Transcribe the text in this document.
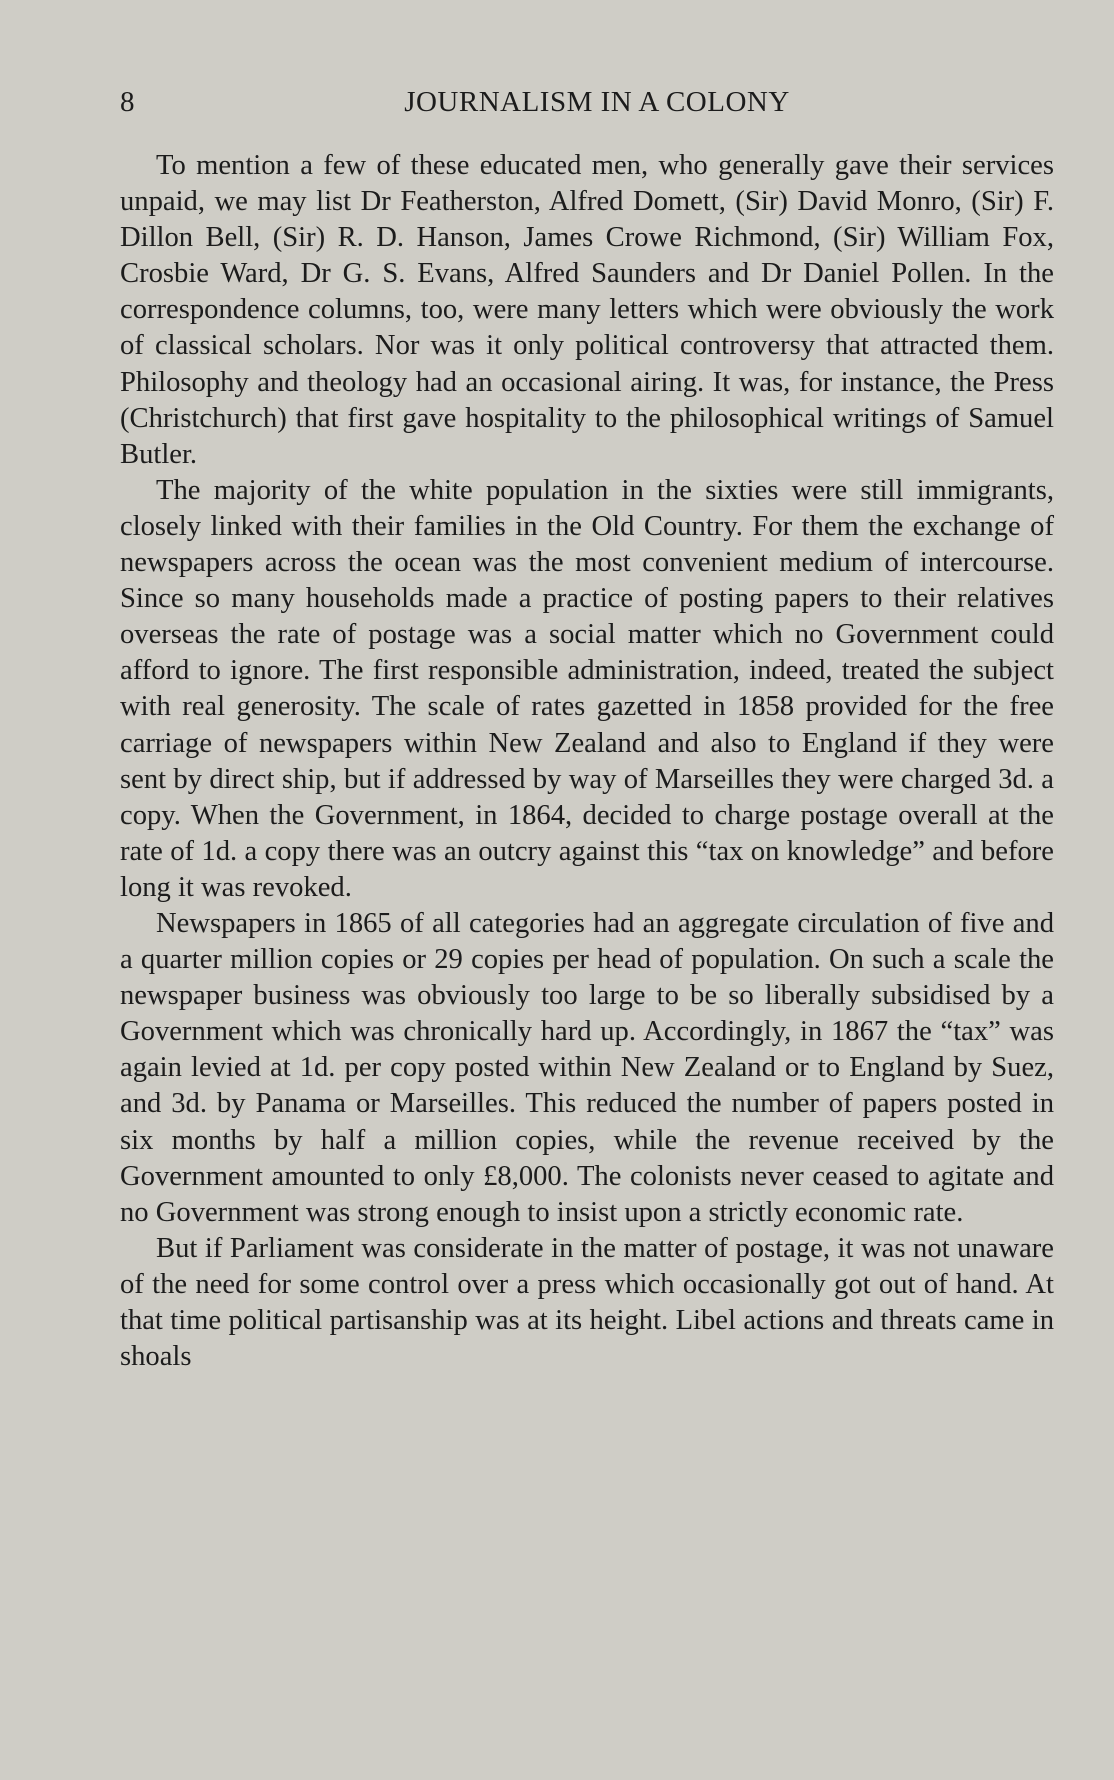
8	JOURNALISM IN A COLONY

To mention a few of these educated men, who generally gave their services unpaid, we may list Dr Featherston, Alfred Domett, (Sir) David Monro, (Sir) F. Dillon Bell, (Sir) R. D. Hanson, James Crowe Richmond, (Sir) William Fox, Crosbie Ward, Dr G. S. Evans, Alfred Saunders and Dr Daniel Pollen. In the correspondence columns, too, were many letters which were obviously the work of classical scholars. Nor was it only political controversy that attracted them. Philosophy and theology had an occasional airing. It was, for instance, the Press (Christchurch) that first gave hospitality to the philosophical writings of Samuel Butler.

The majority of the white population in the sixties were still immigrants, closely linked with their families in the Old Country. For them the exchange of newspapers across the ocean was the most convenient medium of intercourse. Since so many households made a practice of posting papers to their relatives overseas the rate of postage was a social matter which no Government could afford to ignore. The first responsible administration, indeed, treated the subject with real generosity. The scale of rates gazetted in 1858 provided for the free carriage of newspapers within New Zealand and also to England if they were sent by direct ship, but if addressed by way of Marseilles they were charged 3d. a copy. When the Government, in 1864, decided to charge postage overall at the rate of 1d. a copy there was an outcry against this “tax on knowledge” and before long it was revoked.

Newspapers in 1865 of all categories had an aggregate circulation of five and a quarter million copies or 29 copies per head of population. On such a scale the newspaper business was obviously too large to be so liberally subsidised by a Government which was chronically hard up. Accordingly, in 1867 the “tax” was again levied at 1d. per copy posted within New Zealand or to England by Suez, and 3d. by Panama or Marseilles. This reduced the number of papers posted in six months by half a million copies, while the revenue received by the Government amounted to only £8,000. The colonists never ceased to agitate and no Government was strong enough to insist upon a strictly economic rate.

But if Parliament was considerate in the matter of postage, it was not unaware of the need for some control over a press which occasionally got out of hand. At that time political partisanship was at its height. Libel actions and threats came in shoals
